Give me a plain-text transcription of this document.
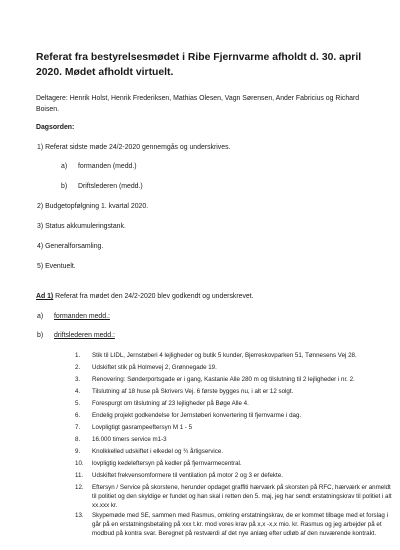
Referat fra bestyrelsesmødet i Ribe Fjernvarme afholdt d. 30. april 2020. Mødet afholdt virtuelt.

Deltagere: Henrik Holst, Henrik Frederiksen, Mathias Olesen, Vagn Sørensen, Ander Fabricius og Richard Boisen.

Dagsorden:

1) Referat sidste møde 24/2-2020 gennemgås og underskrives.
a) formanden (medd.)
b) Driftslederen (medd.)
2) Budgetopfølgning 1. kvartal 2020.
3) Status akkumuleringstank.
4) Generalforsamling.
5) Eventuelt.

Ad 1) Referat fra mødet den 24/2-2020 blev godkendt og underskrevet.

a) formanden medd.:
b) driftslederen medd.:
1. Stik til LIDL, Jernstøberi 4 lejligheder og butik 5 kunder, Bjerreskovparken 51, Tønnesens Vej 28.
2. Udskiftet stik på Holmevej 2, Grønnegade 19.
3. Renovering: Sønderportsgade er i gang, Kastanie Alle 280 m og tilslutning til 2 lejligheder i nr. 2.
4. Tilslutning af 18 huse på Skrivers Vej. 6 første bygges nu, i alt er 12 solgt.
5. Forespurgt om tilslutning af 23 lejligheder på Bøge Alle 4.
6. Endelig projekt godkendelse for Jernstøberi konvertering til fjernvarme i dag.
7. Lovpligtigt gasrampeeftersyn M 1 - 5
8. 16.000 timers service m1-3
9. Knolkkelled udskiftet i elkedel og ¾ årligservice.
10. lovpligtig kedeleftersyn på kedler på fjernvarmecentral.
11. Udskiftet frekvensomformere til ventilation på motor 2 og 3 er defekte.
12. Eftersyn / Service på skorstene, herunder opdaget graffiti hærværk på skorsten på RFC, hærværk er anmeldt til politiet og den skyldige er fundet og han skal i retten den 5. maj, jeg har sendt erstatningskrav til politiet i alt xx.xxx kr.
13. Skypemøde med SE, sammen med Rasmus, omkring erstatningskrav, de er kommet tilbage med et forslag i går på en erstatningsbetaling på xxx t.kr. mod vores krav på x,x -x,x mio. kr. Rasmus og jeg arbejder på et modbud på kontra svar. Beregnet på restværdi af det nye anlæg efter udløb af den nuværende kontrakt.
